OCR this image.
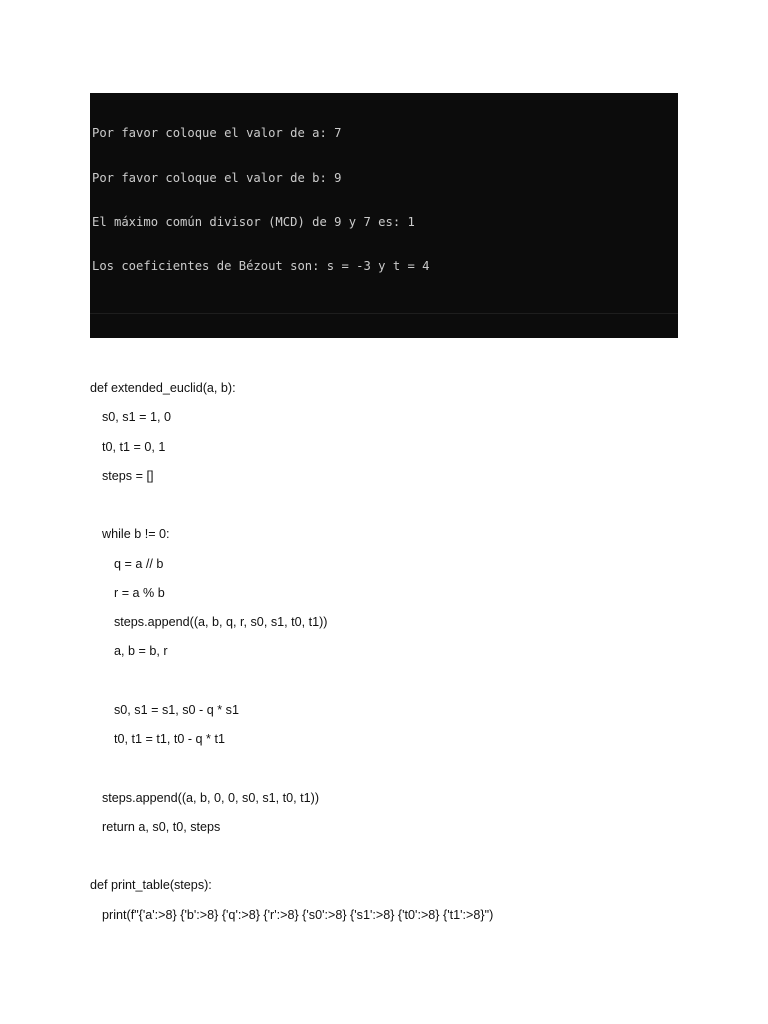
Por favor coloque el valor de a: 7

Por favor coloque el valor de b: 9

El máximo común divisor (MCD) de 9 y 7 es: 1

Los coeficientes de Bézout son: s = -3 y t = 4

def extended_euclid(a, b):
s0, s1 = 1, 0
t0, t1 = 0, 1
steps = []
while b != 0:
q = a // b
r = a % b
steps.append((a, b, q, r, s0, s1, t0, t1))
a, b = b, r
s0, s1 = s1, s0 - q * s1
t0, t1 = t1, t0 - q * t1
steps.append((a, b, 0, 0, s0, s1, t0, t1))
return a, s0, t0, steps
def print_table(steps):
print(f"{'a':>8} {'b':>8} {'q':>8} {'r':>8} {'s0':>8} {'s1':>8} {'t0':>8} {'t1':>8}")
